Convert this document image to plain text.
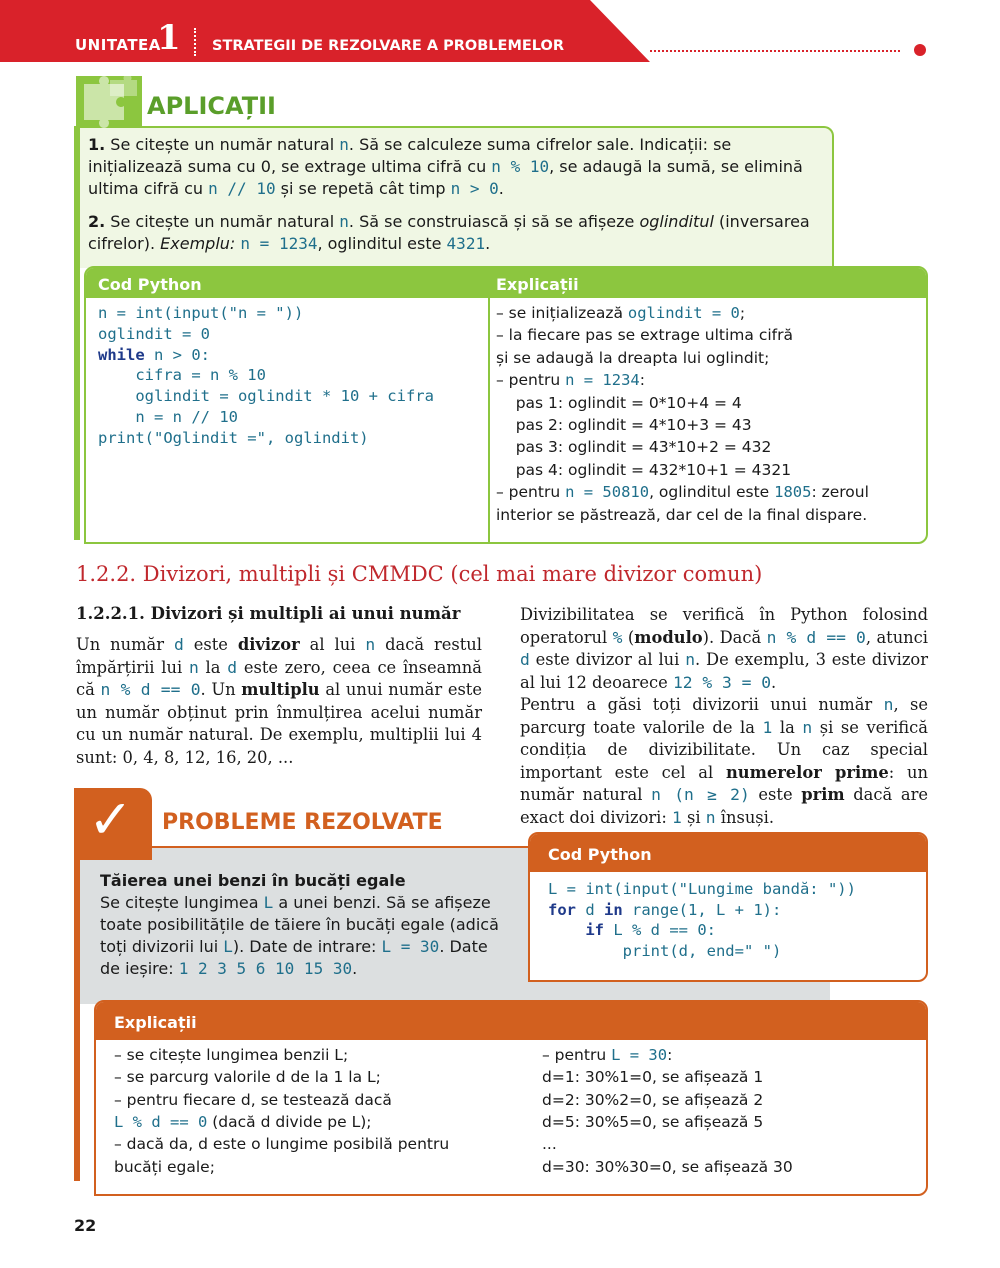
UNITATEA
1 STRATEGII DE REZOLVARE A PROBLEMELOR
APLICAȚII
1. Se citește un număr natural n. Să se calculeze suma cifrelor sale. Indicații: se inițializează suma cu 0, se extrage ultima cifră cu n % 10, se adaugă la sumă, se elimină ultima cifră cu n // 10 și se repetă cât timp n > 0.
2. Se citește un număr natural n. Să se construiască și să se afișeze oglinditul (inversarea cifrelor). Exemplu: n = 1234, oglinditul este 4321.
Cod Python	Explicații
n = int(input("n = "))
oglindit = 0
while n > 0:
cifra = n % 10
oglindit = oglindit * 10 + cifra
n = n // 10
print("Oglindit =", oglindit)
– se inițializează oglindit = 0;
– la fiecare pas se extrage ultima cifră
și se adaugă la dreapta lui oglindit;
– pentru n = 1234:
pas 1: oglindit = 0*10+4 = 4
pas 2: oglindit = 4*10+3 = 43
pas 3: oglindit = 43*10+2 = 432
pas 4: oglindit = 432*10+1 = 4321
– pentru n = 50810, oglinditul este 1805: zeroul
interior se păstrează, dar cel de la final dispare.
1.2.2. Divizori, multipli și CMMDC (cel mai mare divizor comun)
1.2.2.1. Divizori și multipli ai unui număr
Un număr d este divizor al lui n dacă restul împărțirii lui n la d este zero, ceea ce înseamnă că n % d == 0. Un multiplu al unui număr este un număr obținut prin înmulțirea acelui număr cu un număr natural. De exemplu, multiplii lui 4 sunt: 0, 4, 8, 12, 16, 20, ...
Divizibilitatea se verifică în Python folosind operatorul % (modulo). Dacă n % d == 0, atunci d este divizor al lui n. De exemplu, 3 este divizor al lui 12 deoarece 12 % 3 = 0.
Pentru a găsi toți divizorii unui număr n, se parcurg toate valorile de la 1 la n și se verifică condiția de divizibilitate. Un caz special important este cel al numerelor prime: un număr natural n (n ≥ 2) este prim dacă are exact doi divizori: 1 și n însuși.
✓ PROBLEME REZOLVATE
Tăierea unei benzi în bucăți egale
Se citește lungimea L a unei benzi. Să se afișeze toate posibilitățile de tăiere în bucăți egale (adică toți divizorii lui L). Date de intrare: L = 30. Date de ieșire: 1 2 3 5 6 10 15 30.
Cod Python
L = int(input("Lungime bandă: "))
for d in range(1, L + 1):
if L % d == 0:
print(d, end=" ")
Explicații
– se citește lungimea benzii L;
– se parcurg valorile d de la 1 la L;
– pentru fiecare d, se testează dacă
L % d == 0 (dacă d divide pe L);
– dacă da, d este o lungime posibilă pentru
bucăți egale;
– pentru L = 30:
d=1: 30%1=0, se afișează 1
d=2: 30%2=0, se afișează 2
d=5: 30%5=0, se afișează 5
...
d=30: 30%30=0, se afișează 30
22
